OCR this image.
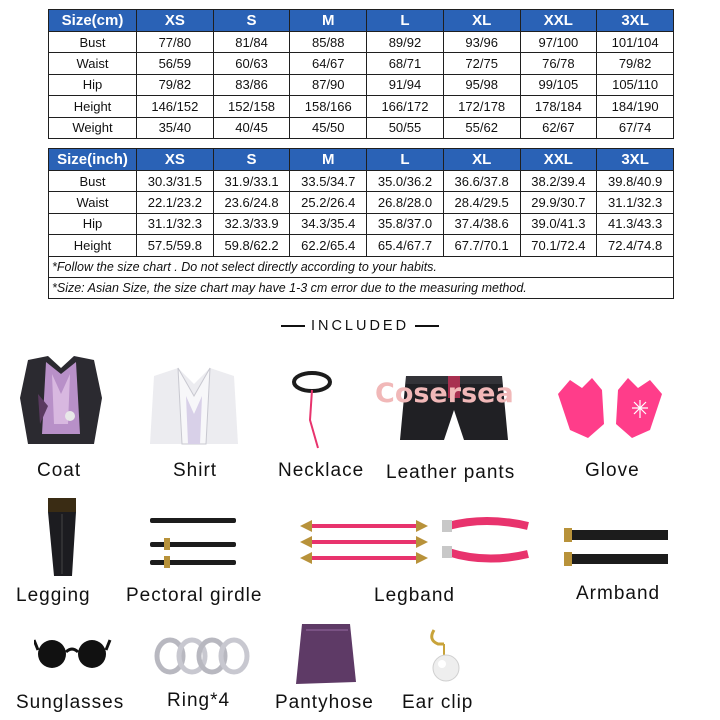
Size(cm)	XS	S	M	L	XL	XXL	3XL
Bust	77/80	81/84	85/88	89/92	93/96	97/100	101/104
Waist	56/59	60/63	64/67	68/71	72/75	76/78	79/82
Hip	79/82	83/86	87/90	91/94	95/98	99/105	105/110
Height	146/152	152/158	158/166	166/172	172/178	178/184	184/190
Weight	35/40	40/45	45/50	50/55	55/62	62/67	67/74
Size(inch)	XS	S	M	L	XL	XXL	3XL
Bust	30.3/31.5	31.9/33.1	33.5/34.7	35.0/36.2	36.6/37.8	38.2/39.4	39.8/40.9
Waist	22.1/23.2	23.6/24.8	25.2/26.4	26.8/28.0	28.4/29.5	29.9/30.7	31.1/32.3
Hip	31.1/32.3	32.3/33.9	34.3/35.4	35.8/37.0	37.4/38.6	39.0/41.3	41.3/43.3
Height	57.5/59.8	59.8/62.2	62.2/65.4	65.4/67.7	67.7/70.1	70.1/72.4	72.4/74.8
*Follow the size chart . Do not select directly according to your habits.							
*Size: Asian Size, the size chart may have 1-3 cm error due to the measuring method.							
INCLUDED
Cosersea
Coat	Shirt	Necklace Leather pants	Glove
Legging Pectoral girdle	Legband	Armband
Sunglasses Ring*4 Pantyhose Ear clip
